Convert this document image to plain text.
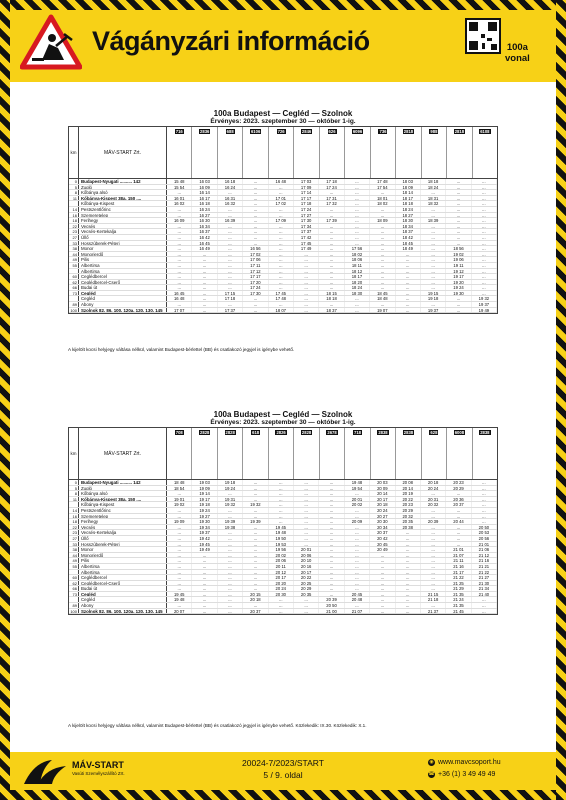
Vágányzári információ	100a
vonal
100a Budapest — Cegléd — Szolnok
Érvényes: 2023. szeptember 30 — október 1-ig.
km	MÁV-START Zrt.
716	2836	688	6106	726	2846	626	6096	736	2818	988	2818	6108
0 Budapest-Nyugati .......... 142	15 48	16 03	16 18	...	16 48	17 03	17 18	...	17 48	18 03	18 18	...	...
5 Zugló	15 54	16 09	16 24	...	...	17 09	17 24	...	17 54	18 09	18 24	...	...
8 Kőbánya alsó	...	16 14	...	...	...	17 14	...	...	...	18 14	...	...	...
11 Kőbánya-Kispest 38a, 150 ....	16 01	16 17	16 31	...	17 01	17 17	17 31	...	18 01	18 17	18 31	...	...
Kőbánya-Kispest	16 02	16 18	16 32	...	17 02	17 18	17 32	...	18 02	18 18	18 32	...	...
14 Pestszentlőrinc	...	16 24	...	...	...	17 24	...	...	...	18 24	...	...	...
16 Szemeretelep	...	16 27	...	...	...	17 27	...	...	...	18 27	...	...	...
18 Ferihegy	16 09	16 30	16 39	...	17 09	17 30	17 39	...	18 09	18 30	18 39	...	...
22 Vecsés	...	16 34	...	...	...	17 34	...	...	...	18 34	...	...	...
23 Vecsés-Kertekalja	...	16 37	...	...	...	17 37	...	...	...	18 37	...	...	...
27 Üllő	...	16 42	...	...	...	17 42	...	...	...	18 42	...	...	...
33 Hosszúberek-Péteri	...	16 45	...	...	...	17 45	...	...	...	18 45	...	...	...
38 Monor	...	16 49	...	16 56	...	17 49	...	17 56	...	18 49	...	18 56	...
44 Monorierdő	...	...	...	17 02	...	...	...	18 02	...	...	...	19 02	...
49 Pilis	...	...	...	17 06	...	...	...	18 06	...	...	...	19 06	...
55 Albertirsa	...	...	...	17 11	...	...	...	18 11	...	...	...	19 11	...
Albertirsa	...	...	...	17 12	...	...	...	18 12	...	...	...	19 12	...
60 Ceglédbercel	...	...	...	17 17	...	...	...	18 17	...	...	...	19 17	...
62 Ceglédbercel-Cserő	...	...	...	17 20	...	...	...	18 20	...	...	...	19 20	...
66 Budai út	...	...	...	17 24	...	...	...	18 24	...	...	...	19 24	...
73 Cegléd	16 45	...	17 15	17 30	17 45	...	18 15	18 30	18 45	...	19 15	19 30	...
Cegléd	16 48	...	17 18	...	17 48	...	18 18	...	18 48	...	19 18	...	19 32
89 Abony	...	...	...	...	...	...	...	...	...	...	...	...	19 37
100 Szolnok 82, 86, 100, 120a, 120, 130, 145	17 07	...	17 37	...	18 07	...	18 37	...	19 07	...	19 37	...	19 49
A kijelölt kocsi helyjegy váltása nélkül, valamint Budapest-bérlettel (BB) és csatlakozó jegyjel is igénybe vehető.
100a Budapest — Cegléd — Szolnok
Érvényes: 2023. szeptember 30 — október 1-ig.
km	MÁV-START Zrt.
708	2828	2828	618	2826	2828	2678	718	2838	2838	628	6008	2838
0 Budapest-Nyugati .......... 142	18 48	19 03	19 18	...	...	...	...	19 48	20 03	20 08	20 18	20 23	...
5 Zugló	18 54	19 09	19 24	...	...	...	...	19 54	20 09	20 14	20 24	20 29	...
8 Kőbánya alsó	...	19 14	...	...	...	...	...	...	20 14	20 19	...	...	...
11 Kőbánya-Kispest 38a, 150 ....	19 01	19 17	19 31	...	...	...	...	20 01	20 17	20 22	20 31	20 36	...
Kőbánya-Kispest	19 02	19 18	19 32	19 32	...	...	...	20 02	20 18	20 23	20 32	20 37	...
14 Pestszentlőrinc	...	19 24	...	...	...	...	...	...	20 24	20 29	...	...	...
16 Szemeretelep	...	19 27	...	...	...	...	...	...	20 27	20 32	...	...	...
18 Ferihegy	19 09	19 30	19 39	19 39	...	...	...	20 09	20 30	20 35	20 39	20 44	...
22 Vecsés	...	19 34	19 38	...	19 45	...	...	...	20 34	20 38	...	...	20 50
23 Vecsés-Kertekalja	...	19 37	...	...	19 48	...	...	...	20 37	...	...	...	20 53
27 Üllő	...	19 42	...	...	19 50	...	...	...	20 42	...	...	...	20 56
33 Hosszúberek-Péteri	...	19 45	...	...	19 53	...	...	...	20 45	...	...	...	21 01
38 Monor	...	19 49	...	...	19 56	20 01	...	...	20 49	...	...	21 01	21 06
44 Monorierdő	...	...	...	...	20 02	20 06	...	...	...	...	...	21 07	21 12
49 Pilis	...	...	...	...	20 06	20 10	...	...	...	...	...	21 11	21 16
55 Albertirsa	...	...	...	...	20 11	20 16	...	...	...	...	...	21 16	21 21
Albertirsa	...	...	...	...	20 12	20 17	...	...	...	...	...	21 17	21 22
60 Ceglédbercel	...	...	...	...	20 17	20 22	...	...	...	...	...	21 22	21 27
62 Ceglédbercel-Cserő	...	...	...	...	20 20	20 25	...	...	...	...	...	21 25	21 30
66 Budai út	...	...	...	...	20 24	20 29	...	...	...	...	...	21 29	21 34
73 Cegléd	19 45	...	...	20 15	20 30	20 35	...	20 45	...	...	21 15	21 35	21 40
Cegléd	19 48	...	...	20 18	...	...	20 39	20 48	...	...	21 18	21 24	...
89 Abony	...	...	...	...	...	...	20 50	...	...	...	...	21 35	...
100 Szolnok 82, 86, 100, 120a, 120, 130, 145	20 07	...	...	20 37	...	...	21 00	21 07	...	...	21 37	21 45	...
A kijelölt kocsi helyjegy váltása nélkül, valamint Budapest-bérlettel (BB) és csatlakozó jegyjel is igénybe vehető. Közlekedik: IX.30. Közlekedik: X.1.
MÁV-START
Vasúti Személyszállító Zrt.
20024-7/2023/START
5 / 9. oldal
◉ www.mavcsoport.hu
☎ +36 (1) 3 49 49 49
